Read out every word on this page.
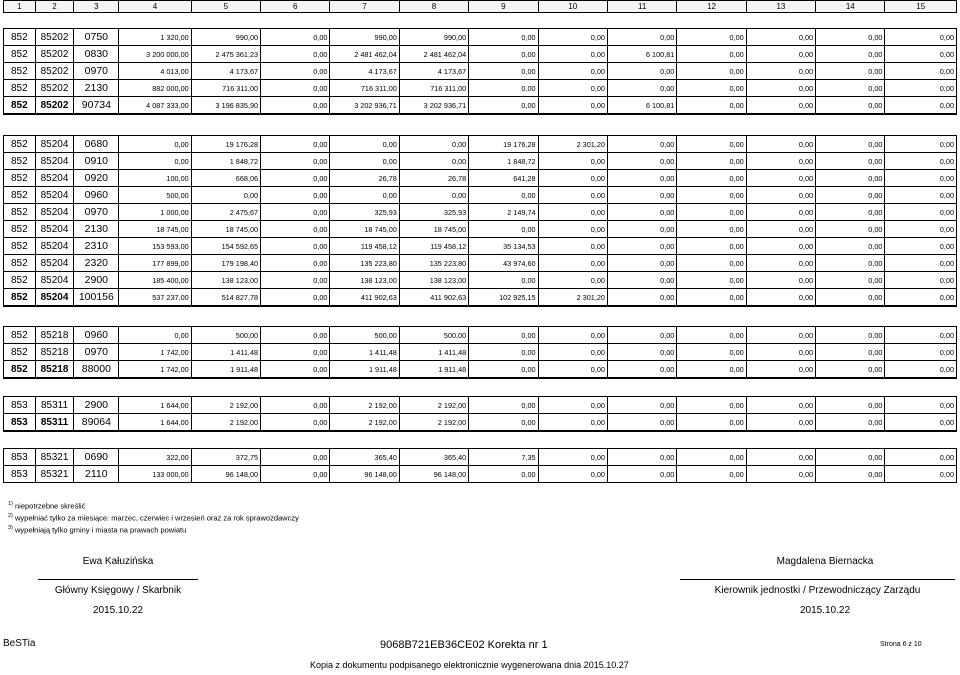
1	2	3	4	5	6	7	8	9	10	11	12	13	14	15
852	85202	0750	1 320,00	990,00	0,00	990,00	990,00	0,00	0,00	0,00	0,00	0,00	0,00	0,00
852	85202	0830	3 200 000,00	2 475 361,23	0,00	2 481 462,04	2 481 462,04	0,00	0,00	6 100,81	0,00	0,00	0,00	0,00
852	85202	0970	4 013,00	4 173,67	0,00	4 173,67	4 173,67	0,00	0,00	0,00	0,00	0,00	0,00	0,00
852	85202	2130	882 000,00	716 311,00	0,00	716 311,00	716 311,00	0,00	0,00	0,00	0,00	0,00	0,00	0,00
852	85202	90734	4 087 333,00	3 196 835,90	0,00	3 202 936,71	3 202 936,71	0,00	0,00	6 100,81	0,00	0,00	0,00	0,00
852	85204	0680	0,00	19 176,28	0,00	0,00	0,00	19 176,28	2 301,20	0,00	0,00	0,00	0,00	0,00
852	85204	0910	0,00	1 848,72	0,00	0,00	0,00	1 848,72	0,00	0,00	0,00	0,00	0,00	0,00
852	85204	0920	100,00	668,06	0,00	26,78	26,78	641,28	0,00	0,00	0,00	0,00	0,00	0,00
852	85204	0960	500,00	0,00	0,00	0,00	0,00	0,00	0,00	0,00	0,00	0,00	0,00	0,00
852	85204	0970	1 000,00	2 475,67	0,00	325,93	325,93	2 149,74	0,00	0,00	0,00	0,00	0,00	0,00
852	85204	2130	18 745,00	18 745,00	0,00	18 745,00	18 745,00	0,00	0,00	0,00	0,00	0,00	0,00	0,00
852	85204	2310	153 593,00	154 592,65	0,00	119 458,12	119 458,12	35 134,53	0,00	0,00	0,00	0,00	0,00	0,00
852	85204	2320	177 899,00	179 198,40	0,00	135 223,80	135 223,80	43 974,60	0,00	0,00	0,00	0,00	0,00	0,00
852	85204	2900	185 400,00	138 123,00	0,00	138 123,00	138 123,00	0,00	0,00	0,00	0,00	0,00	0,00	0,00
852	85204	100156	537 237,00	514 827,78	0,00	411 902,63	411 902,63	102 925,15	2 301,20	0,00	0,00	0,00	0,00	0,00
852	85218	0960	0,00	500,00	0,00	500,00	500,00	0,00	0,00	0,00	0,00	0,00	0,00	0,00
852	85218	0970	1 742,00	1 411,48	0,00	1 411,48	1 411,48	0,00	0,00	0,00	0,00	0,00	0,00	0,00
852	85218	88000	1 742,00	1 911,48	0,00	1 911,48	1 911,48	0,00	0,00	0,00	0,00	0,00	0,00	0,00
853	85311	2900	1 644,00	2 192,00	0,00	2 192,00	2 192,00	0,00	0,00	0,00	0,00	0,00	0,00	0,00
853	85311	89064	1 644,00	2 192,00	0,00	2 192,00	2 192,00	0,00	0,00	0,00	0,00	0,00	0,00	0,00
853	85321	0690	322,00	372,75	0,00	365,40	365,40	7,35	0,00	0,00	0,00	0,00	0,00	0,00
853	85321	2110	133 000,00	96 148,00	0,00	96 148,00	96 148,00	0,00	0,00	0,00	0,00	0,00	0,00	0,00
$^{1)}$ niepotrzebne skreślić
$^{2)}$ wypełniać tylko za miesiące: marzec, czerwiec i wrzesień oraz za rok sprawozdawczy
$^{3)}$ wypełniają tylko gminy i miasta na prawach powiatu
Ewa Kałuzińska
Główny Księgowy / Skarbnik
2015.10.22
Magdalena Biernacka
Kierownik jednostki / Przewodniczący Zarządu
2015.10.22
BeSTia	9068B721EB36CE02 Korekta nr 1	Strona 6 z 10
Kopia z dokumentu podpisanego elektronicznie wygenerowana dnia 2015.10.27
